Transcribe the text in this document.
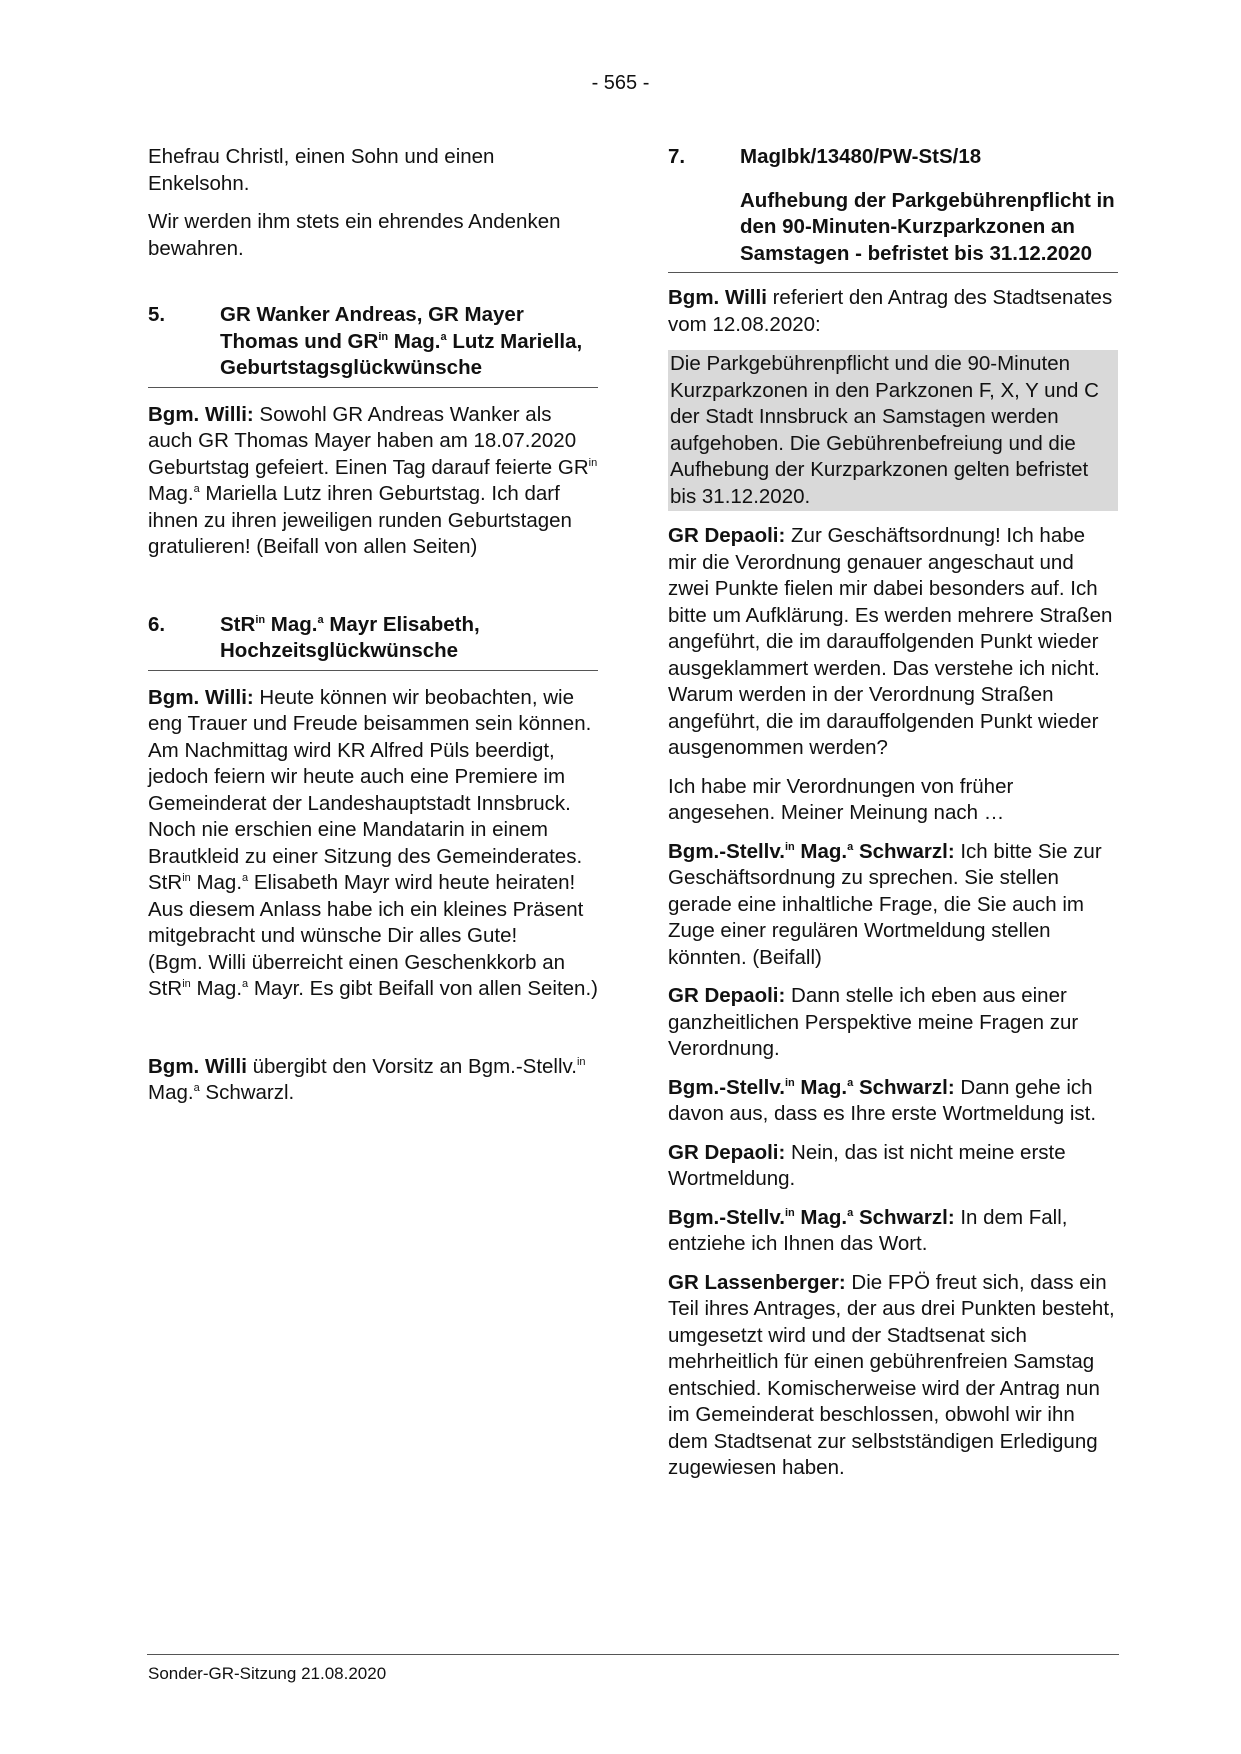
- 565 -

Ehefrau Christl, einen Sohn und einen Enkelsohn.

Wir werden ihm stets ein ehrendes Andenken bewahren.

5.	GR Wanker Andreas, GR Mayer Thomas und $GR^{in}$ Mag.$^a$ Lutz Mariella, Geburtstagsglückwünsche

Bgm. Willi: Sowohl GR Andreas Wanker als auch GR Thomas Mayer haben am 18.07.2020 Geburtstag gefeiert. Einen Tag darauf feierte $GR^{in}$ Mag.$^a$ Mariella Lutz ihren Geburtstag. Ich darf ihnen zu ihren jeweiligen runden Geburtstagen gratulieren! (Beifall von allen Seiten)

6.	StR$^{in}$ Mag.$^a$ Mayr Elisabeth, Hochzeitsglückwünsche

Bgm. Willi: Heute können wir beobachten, wie eng Trauer und Freude beisammen sein können. Am Nachmittag wird KR Alfred Püls beerdigt, jedoch feiern wir heute auch eine Premiere im Gemeinderat der Landeshauptstadt Innsbruck. Noch nie erschien eine Mandatarin in einem Brautkleid zu einer Sitzung des Gemeinderates. StR$^{in}$ Mag.$^a$ Elisabeth Mayr wird heute heiraten! Aus diesem Anlass habe ich ein kleines Präsent mitgebracht und wünsche Dir alles Gute!
(Bgm. Willi überreicht einen Geschenkkorb an StR$^{in}$ Mag.$^a$ Mayr. Es gibt Beifall von allen Seiten.)

Bgm. Willi übergibt den Vorsitz an Bgm.-Stellv.$^{in}$ Mag.$^a$ Schwarzl.

7.	MagIbk/13480/PW-StS/18
Aufhebung der Parkgebührenpflicht in den 90-Minuten-Kurzparkzonen an Samstagen - befristet bis 31.12.2020

Bgm. Willi referiert den Antrag des Stadtsenates vom 12.08.2020:

Die Parkgebührenpflicht und die 90-Minuten Kurzparkzonen in den Parkzonen F, X, Y und C der Stadt Innsbruck an Samstagen werden aufgehoben. Die Gebührenbefreiung und die Aufhebung der Kurzparkzonen gelten befristet bis 31.12.2020.

GR Depaoli: Zur Geschäftsordnung! Ich habe mir die Verordnung genauer angeschaut und zwei Punkte fielen mir dabei besonders auf. Ich bitte um Aufklärung. Es werden mehrere Straßen angeführt, die im darauffolgenden Punkt wieder ausgeklammert werden. Das verstehe ich nicht. Warum werden in der Verordnung Straßen angeführt, die im darauffolgenden Punkt wieder ausgenommen werden?

Ich habe mir Verordnungen von früher angesehen. Meiner Meinung nach …

Bgm.-Stellv.$^{in}$ Mag.$^a$ Schwarzl: Ich bitte Sie zur Geschäftsordnung zu sprechen. Sie stellen gerade eine inhaltliche Frage, die Sie auch im Zuge einer regulären Wortmeldung stellen könnten. (Beifall)

GR Depaoli: Dann stelle ich eben aus einer ganzheitlichen Perspektive meine Fragen zur Verordnung.

Bgm.-Stellv.$^{in}$ Mag.$^a$ Schwarzl: Dann gehe ich davon aus, dass es Ihre erste Wortmeldung ist.

GR Depaoli: Nein, das ist nicht meine erste Wortmeldung.

Bgm.-Stellv.$^{in}$ Mag.$^a$ Schwarzl: In dem Fall, entziehe ich Ihnen das Wort.

GR Lassenberger: Die FPÖ freut sich, dass ein Teil ihres Antrages, der aus drei Punkten besteht, umgesetzt wird und der Stadtsenat sich mehrheitlich für einen gebührenfreien Samstag entschied. Komischerweise wird der Antrag nun im Gemeinderat beschlossen, obwohl wir ihn dem Stadtsenat zur selbstständigen Erledigung zugewiesen haben.

Sonder-GR-Sitzung 21.08.2020
